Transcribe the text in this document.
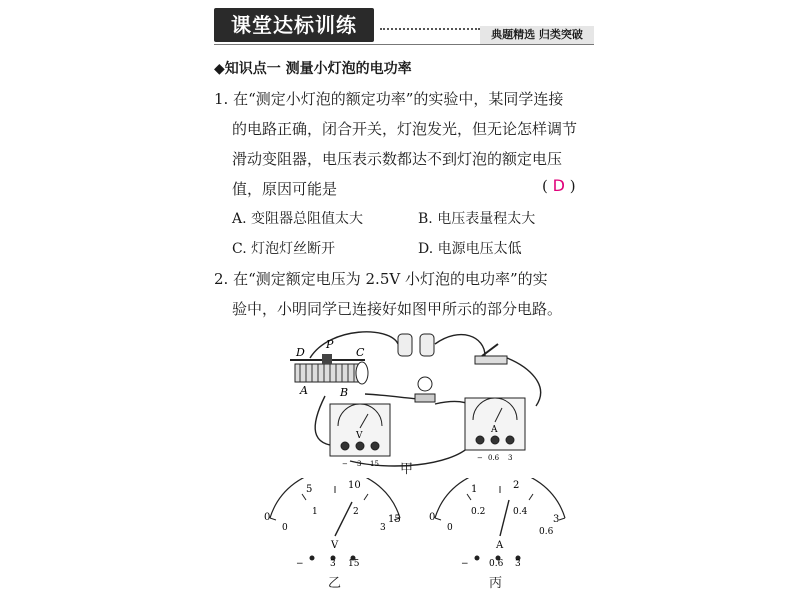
课堂达标训练	典题精选 归类突破
◆知识点一 测量小灯泡的电功率
1. 在“测定小灯泡的额定功率”的实验中，某同学连接
的电路正确，闭合开关，灯泡发光，但无论怎样调节
滑动变阻器，电压表示数都达不到灯泡的额定电压
值，原因可能是	( D )
A. 变阻器总阻值太大	B. 电压表量程太大
C. 灯泡灯丝断开	D. 电源电压太低
2. 在“测定额定电压为 2.5V 小灯泡的电功率”的实
验中，小明同学已连接好如图甲所示的部分电路。
D
P
C
A	B
V
− 3 15
A
− 0.6 3
甲
0
5	10
15
0
1	2
3
V
−	3 15
乙
0
1	2
3
0
0.2	0.4
0.6
A
− 0.6 3
丙
